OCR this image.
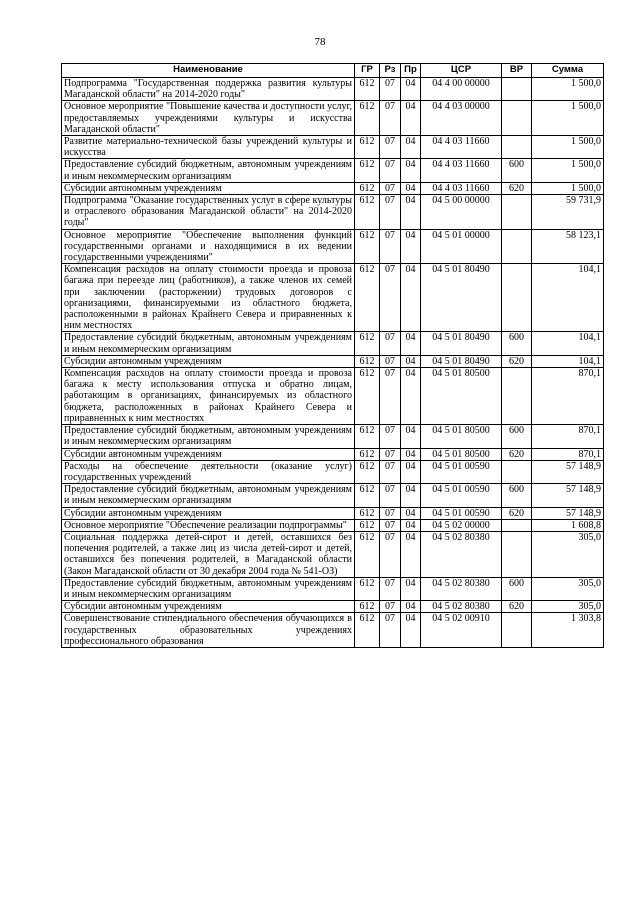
78
Наименование	ГР	Рз	Пр	ЦСР	ВР	Сумма
Подпрограмма "Государственная поддержка развития культуры Магаданской области" на 2014-2020 годы"	612	07	04	04 4 00 00000		1 500,0
Основное мероприятие "Повышение качества и доступности услуг, предоставляемых учреждениями культуры и искусства Магаданской области"	612	07	04	04 4 03 00000		1 500,0
Развитие материально-технической базы учреждений культуры и искусства	612	07	04	04 4 03 11660		1 500,0
Предоставление субсидий бюджетным, автономным учреждениям и иным некоммерческим организациям	612	07	04	04 4 03 11660	600	1 500,0
Субсидии автономным учреждениям	612	07	04	04 4 03 11660	620	1 500,0
Подпрограмма "Оказание государственных услуг в сфере культуры и отраслевого образования Магаданской области" на 2014-2020 годы"	612	07	04	04 5 00 00000		59 731,9
Основное мероприятие "Обеспечение выполнения функций государственными органами и находящимися в их ведении государственными учреждениями"	612	07	04	04 5 01 00000		58 123,1
Компенсация расходов на оплату стоимости проезда и провоза багажа при переезде лиц (работников), а также членов их семей при заключении (расторжении) трудовых договоров с организациями, финансируемыми из областного бюджета, расположенными в районах Крайнего Севера и приравненных к ним местностях	612	07	04	04 5 01 80490		104,1
Предоставление субсидий бюджетным, автономным учреждениям и иным некоммерческим организациям	612	07	04	04 5 01 80490	600	104,1
Субсидии автономным учреждениям	612	07	04	04 5 01 80490	620	104,1
Компенсация расходов на оплату стоимости проезда и провоза багажа к месту использования отпуска и обратно лицам, работающим в организациях, финансируемых из областного бюджета, расположенных в районах Крайнего Севера и приравненных к ним местностях	612	07	04	04 5 01 80500		870,1
Предоставление субсидий бюджетным, автономным учреждениям и иным некоммерческим организациям	612	07	04	04 5 01 80500	600	870,1
Субсидии автономным учреждениям	612	07	04	04 5 01 80500	620	870,1
Расходы на обеспечение деятельности (оказание услуг) государственных учреждений	612	07	04	04 5 01 00590		57 148,9
Предоставление субсидий бюджетным, автономным учреждениям и иным некоммерческим организациям	612	07	04	04 5 01 00590	600	57 148,9
Субсидии автономным учреждениям	612	07	04	04 5 01 00590	620	57 148,9
Основное мероприятие "Обеспечение реализации подпрограммы"	612	07	04	04 5 02 00000		1 608,8
Социальная поддержка детей-сирот и детей, оставшихся без попечения родителей, а также лиц из числа детей-сирот и детей, оставшихся без попечения родителей, в Магаданской области (Закон Магаданской области от 30 декабря 2004 года № 541-ОЗ)	612	07	04	04 5 02 80380		305,0
Предоставление субсидий бюджетным, автономным учреждениям и иным некоммерческим организациям	612	07	04	04 5 02 80380	600	305,0
Субсидии автономным учреждениям	612	07	04	04 5 02 80380	620	305,0
Совершенствование стипендиального обеспечения обучающихся в государственных образовательных учреждениях профессионального образования	612	07	04	04 5 02 00910		1 303,8
